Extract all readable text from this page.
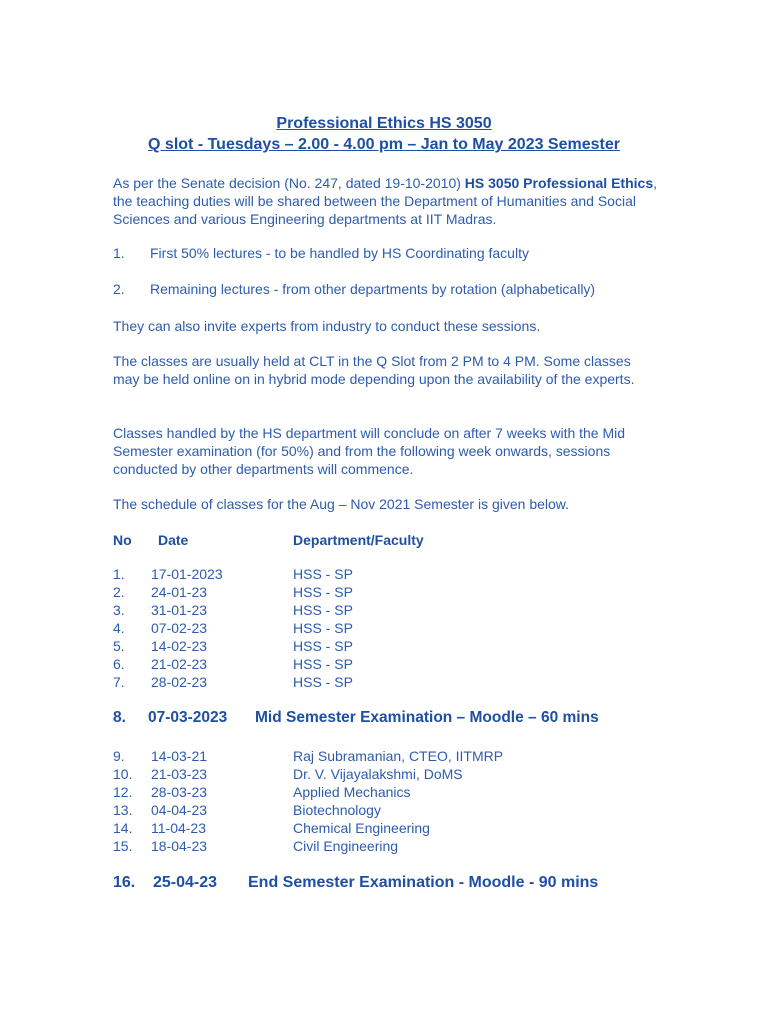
Professional Ethics HS 3050
Q slot - Tuesdays – 2.00 - 4.00 pm – Jan to May 2023 Semester
As per the Senate decision (No. 247, dated 19-10-2010) HS 3050 Professional Ethics, the teaching duties will be shared between the Department of Humanities and Social Sciences and various Engineering departments at IIT Madras.
1. First 50% lectures - to be handled by HS Coordinating faculty
2. Remaining lectures - from other departments by rotation (alphabetically)
They can also invite experts from industry to conduct these sessions.
The classes are usually held at CLT in the Q Slot from 2 PM to 4 PM. Some classes may be held online on in hybrid mode depending upon the availability of the experts.
Classes handled by the HS department will conclude on after 7 weeks with the Mid Semester examination (for 50%) and from the following week onwards, sessions conducted by other departments will commence.
The schedule of classes for the Aug – Nov 2021 Semester is given below.
No Date	Department/Faculty
1. 17-01-2023	HSS - SP
2. 24-01-23	HSS - SP
3. 31-01-23	HSS - SP
4. 07-02-23	HSS - SP
5. 14-02-23	HSS - SP
6. 21-02-23	HSS - SP
7. 28-02-23	HSS - SP
8. 07-03-2023 Mid Semester Examination – Moodle – 60 mins
9. 14-03-21	Raj Subramanian, CTEO, IITMRP
10. 21-03-23	Dr. V. Vijayalakshmi, DoMS
12. 28-03-23	Applied Mechanics
13. 04-04-23	Biotechnology
14. 11-04-23	Chemical Engineering
15. 18-04-23	Civil Engineering
16. 25-04-23 End Semester Examination - Moodle - 90 mins
